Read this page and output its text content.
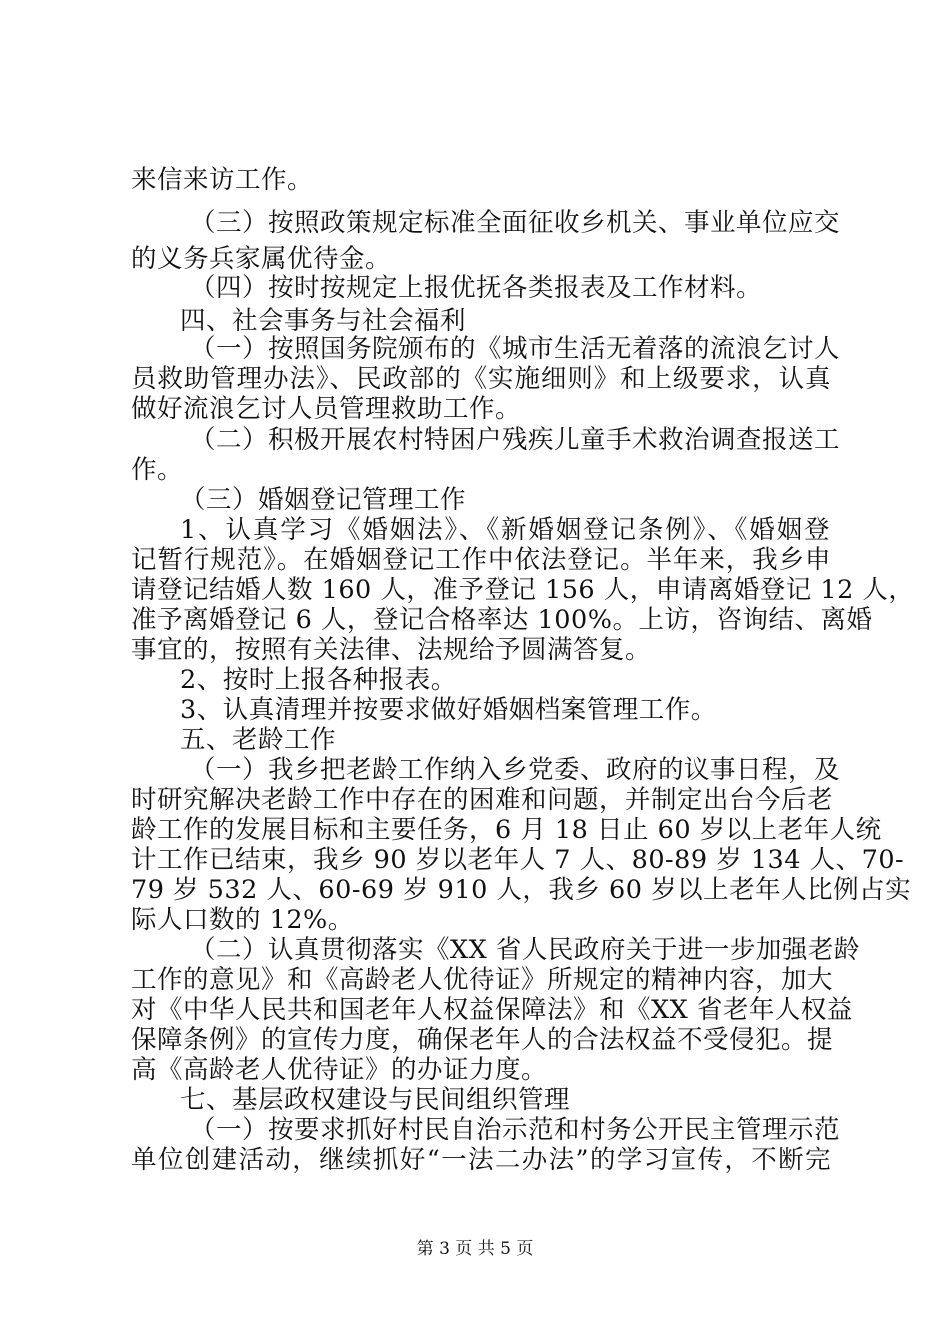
来信来访工作。
（三）按照政策规定标准全面征收乡机关、事业单位应交
的义务兵家属优待金。
（四）按时按规定上报优抚各类报表及工作材料。
四、社会事务与社会福利
（一）按照国务院颁布的《城市生活无着落的流浪乞讨人
员救助管理办法》、民政部的《实施细则》和上级要求，认真
做好流浪乞讨人员管理救助工作。
（二）积极开展农村特困户残疾儿童手术救治调查报送工
作。
（三）婚姻登记管理工作
1、认真学习《婚姻法》、《新婚姻登记条例》、《婚姻登
记暂行规范》。在婚姻登记工作中依法登记。半年来，我乡申
请登记结婚人数 160 人，准予登记 156 人，申请离婚登记 12 人，
准予离婚登记 6 人，登记合格率达 100%。上访，咨询结、离婚
事宜的，按照有关法律、法规给予圆满答复。
2、按时上报各种报表。
3、认真清理并按要求做好婚姻档案管理工作。
五、老龄工作
（一）我乡把老龄工作纳入乡党委、政府的议事日程，及
时研究解决老龄工作中存在的困难和问题，并制定出台今后老
龄工作的发展目标和主要任务，6 月 18 日止 60 岁以上老年人统
计工作已结束，我乡 90 岁以老年人 7 人、80-89 岁 134 人、70-
79 岁 532 人、60-69 岁 910 人，我乡 60 岁以上老年人比例占实
际人口数的 12%。
（二）认真贯彻落实《XX 省人民政府关于进一步加强老龄
工作的意见》和《高龄老人优待证》所规定的精神内容，加大
对《中华人民共和国老年人权益保障法》和《XX 省老年人权益
保障条例》的宣传力度，确保老年人的合法权益不受侵犯。提
高《高龄老人优待证》的办证力度。
七、基层政权建设与民间组织管理
（一）按要求抓好村民自治示范和村务公开民主管理示范
单位创建活动，继续抓好“一法二办法”的学习宣传，不断完
第 3 页 共 5 页
